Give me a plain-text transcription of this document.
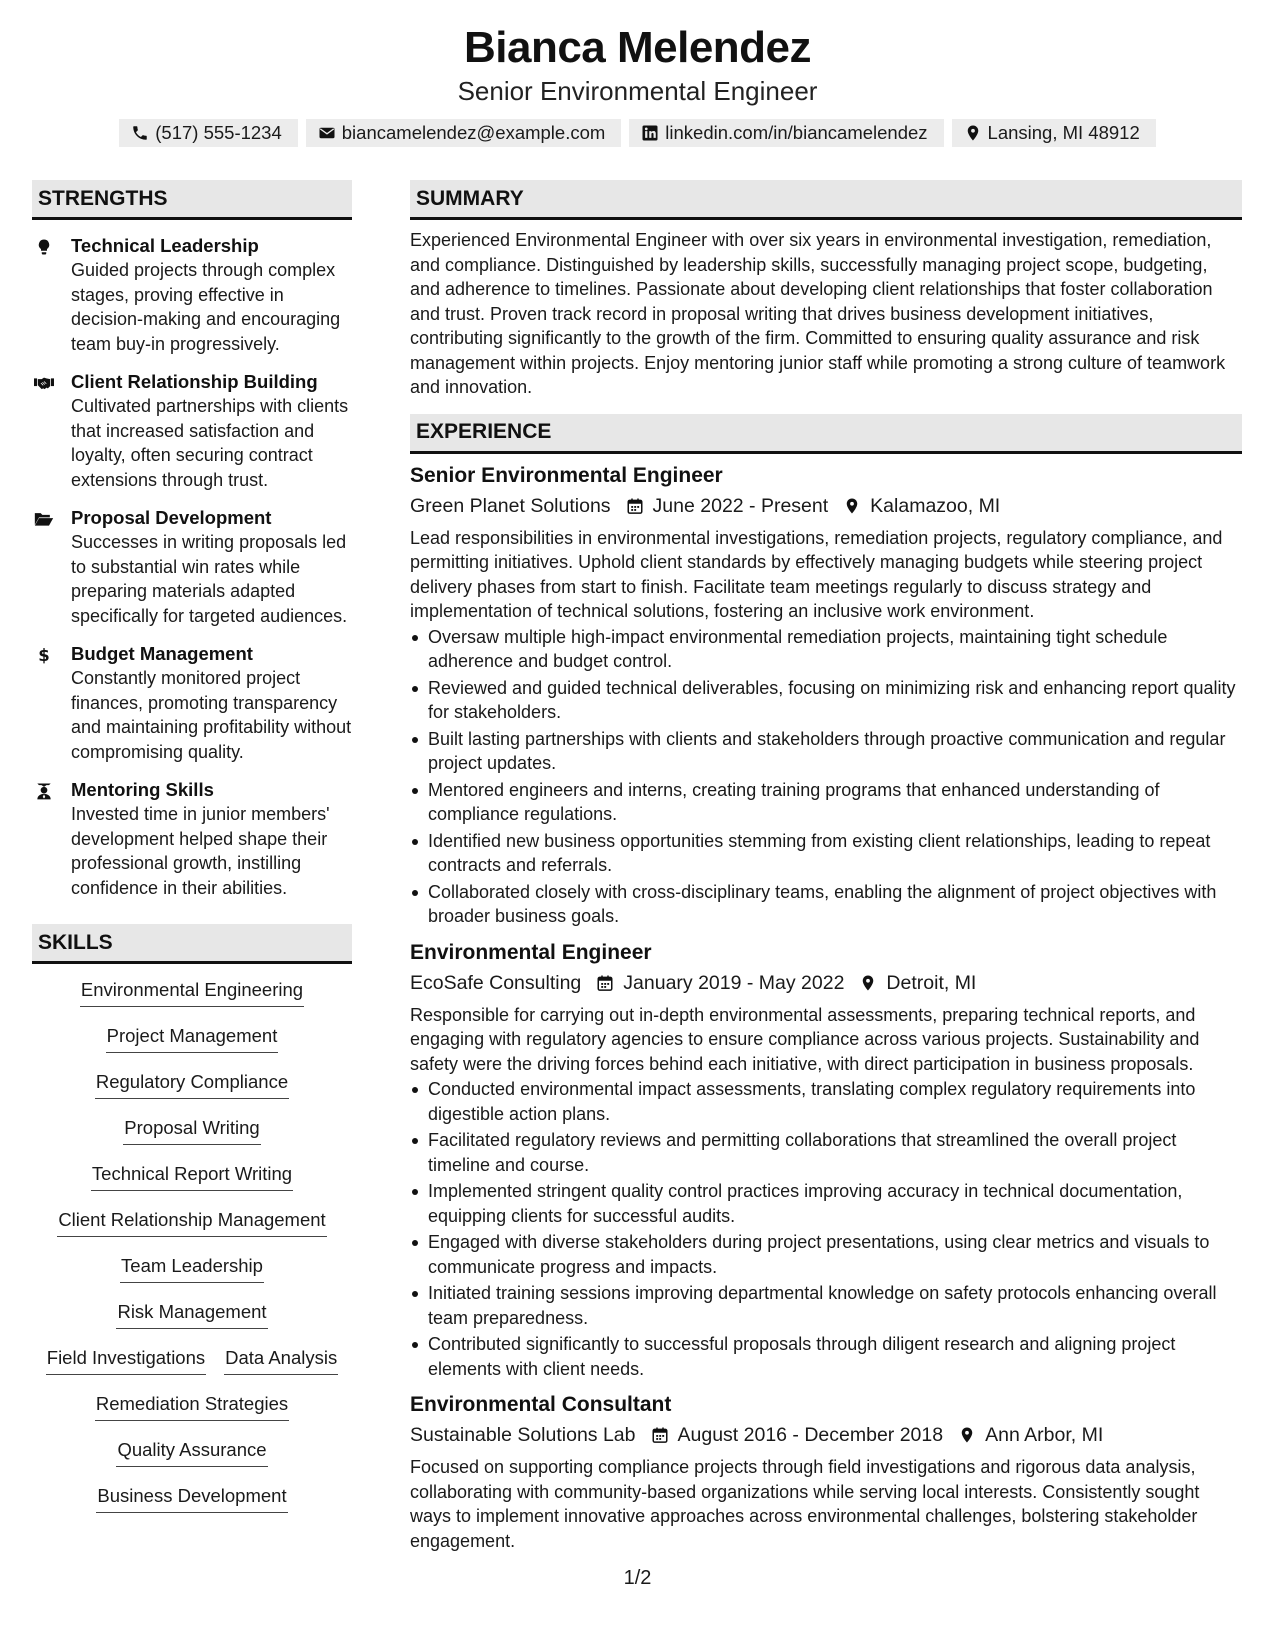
Bianca Melendez
Senior Environmental Engineer
(517) 555-1234	biancamelendez@example.com	linkedin.com/in/biancamelendez	Lansing, MI 48912
STRENGTHS
Technical Leadership
Guided projects through complex stages, proving effective in decision-making and encouraging team buy-in progressively.
Client Relationship Building
Cultivated partnerships with clients that increased satisfaction and loyalty, often securing contract extensions through trust.
Proposal Development
Successes in writing proposals led to substantial win rates while preparing materials adapted specifically for targeted audiences.
$ Budget Management
Constantly monitored project finances, promoting transparency and maintaining profitability without compromising quality.
Mentoring Skills
Invested time in junior members' development helped shape their professional growth, instilling confidence in their abilities.
SKILLS
Environmental Engineering
Project Management
Regulatory Compliance
Proposal Writing
Technical Report Writing
Client Relationship Management
Team Leadership
Risk Management
Field Investigations Data Analysis
Remediation Strategies
Quality Assurance
Business Development
SUMMARY
Experienced Environmental Engineer with over six years in environmental investigation, remediation, and compliance. Distinguished by leadership skills, successfully managing project scope, budgeting, and adherence to timelines. Passionate about developing client relationships that foster collaboration and trust. Proven track record in proposal writing that drives business development initiatives, contributing significantly to the growth of the firm. Committed to ensuring quality assurance and risk management within projects. Enjoy mentoring junior staff while promoting a strong culture of teamwork and innovation.
EXPERIENCE
Senior Environmental Engineer
Green Planet Solutions June 2022 - Present Kalamazoo, MI
Lead responsibilities in environmental investigations, remediation projects, regulatory compliance, and permitting initiatives. Uphold client standards by effectively managing budgets while steering project delivery phases from start to finish. Facilitate team meetings regularly to discuss strategy and implementation of technical solutions, fostering an inclusive work environment.
Oversaw multiple high-impact environmental remediation projects, maintaining tight schedule adherence and budget control.
Reviewed and guided technical deliverables, focusing on minimizing risk and enhancing report quality for stakeholders.
Built lasting partnerships with clients and stakeholders through proactive communication and regular project updates.
Mentored engineers and interns, creating training programs that enhanced understanding of compliance regulations.
Identified new business opportunities stemming from existing client relationships, leading to repeat contracts and referrals.
Collaborated closely with cross-disciplinary teams, enabling the alignment of project objectives with broader business goals.
Environmental Engineer
EcoSafe Consulting January 2019 - May 2022 Detroit, MI
Responsible for carrying out in-depth environmental assessments, preparing technical reports, and engaging with regulatory agencies to ensure compliance across various projects. Sustainability and safety were the driving forces behind each initiative, with direct participation in business proposals.
Conducted environmental impact assessments, translating complex regulatory requirements into digestible action plans.
Facilitated regulatory reviews and permitting collaborations that streamlined the overall project timeline and course.
Implemented stringent quality control practices improving accuracy in technical documentation, equipping clients for successful audits.
Engaged with diverse stakeholders during project presentations, using clear metrics and visuals to communicate progress and impacts.
Initiated training sessions improving departmental knowledge on safety protocols enhancing overall team preparedness.
Contributed significantly to successful proposals through diligent research and aligning project elements with client needs.
Environmental Consultant
Sustainable Solutions Lab August 2016 - December 2018 Ann Arbor, MI
Focused on supporting compliance projects through field investigations and rigorous data analysis, collaborating with community-based organizations while serving local interests. Consistently sought ways to implement innovative approaches across environmental challenges, bolstering stakeholder engagement.
1/2
